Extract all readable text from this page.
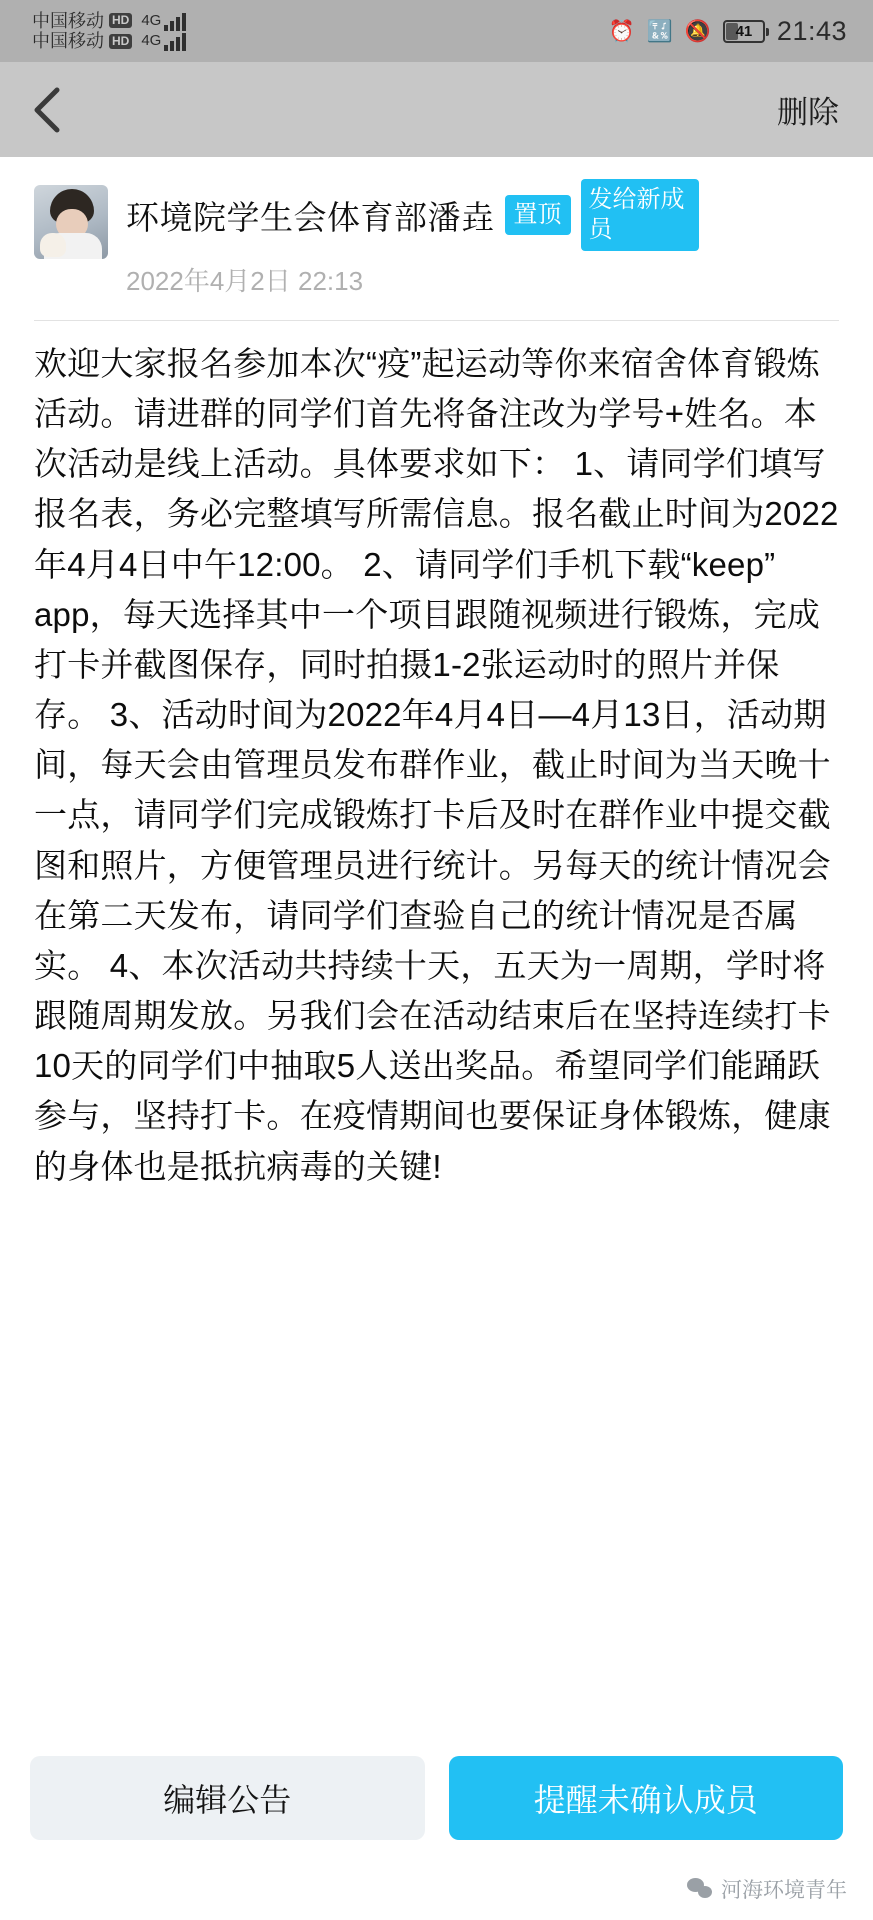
中国移动 HD 4G
中国移动 HD 4G	⏰ 🔣 🔕 41 21:43
删除
环境院学生会体育部潘垚 置顶
发给新成员
2022年4月2日 22:13

欢迎大家报名参加本次“疫”起运动等你来宿舍体育锻炼活动。请进群的同学们首先将备注改为学号+姓名。本次活动是线上活动。具体要求如下： 1、请同学们填写报名表，务必完整填写所需信息。报名截止时间为2022年4月4日中午12:00。 2、请同学们手机下载“keep”app，每天选择其中一个项目跟随视频进行锻炼，完成打卡并截图保存，同时拍摄1-2张运动时的照片并保存。 3、活动时间为2022年4月4日—4月13日，活动期间，每天会由管理员发布群作业，截止时间为当天晚十一点，请同学们完成锻炼打卡后及时在群作业中提交截图和照片，方便管理员进行统计。另每天的统计情况会在第二天发布，请同学们查验自己的统计情况是否属实。 4、本次活动共持续十天，五天为一周期，学时将跟随周期发放。另我们会在活动结束后在坚持连续打卡10天的同学们中抽取5人送出奖品。希望同学们能踊跃参与，坚持打卡。在疫情期间也要保证身体锻炼，健康的身体也是抵抗病毒的关键!

编辑公告	提醒未确认成员
河海环境青年
